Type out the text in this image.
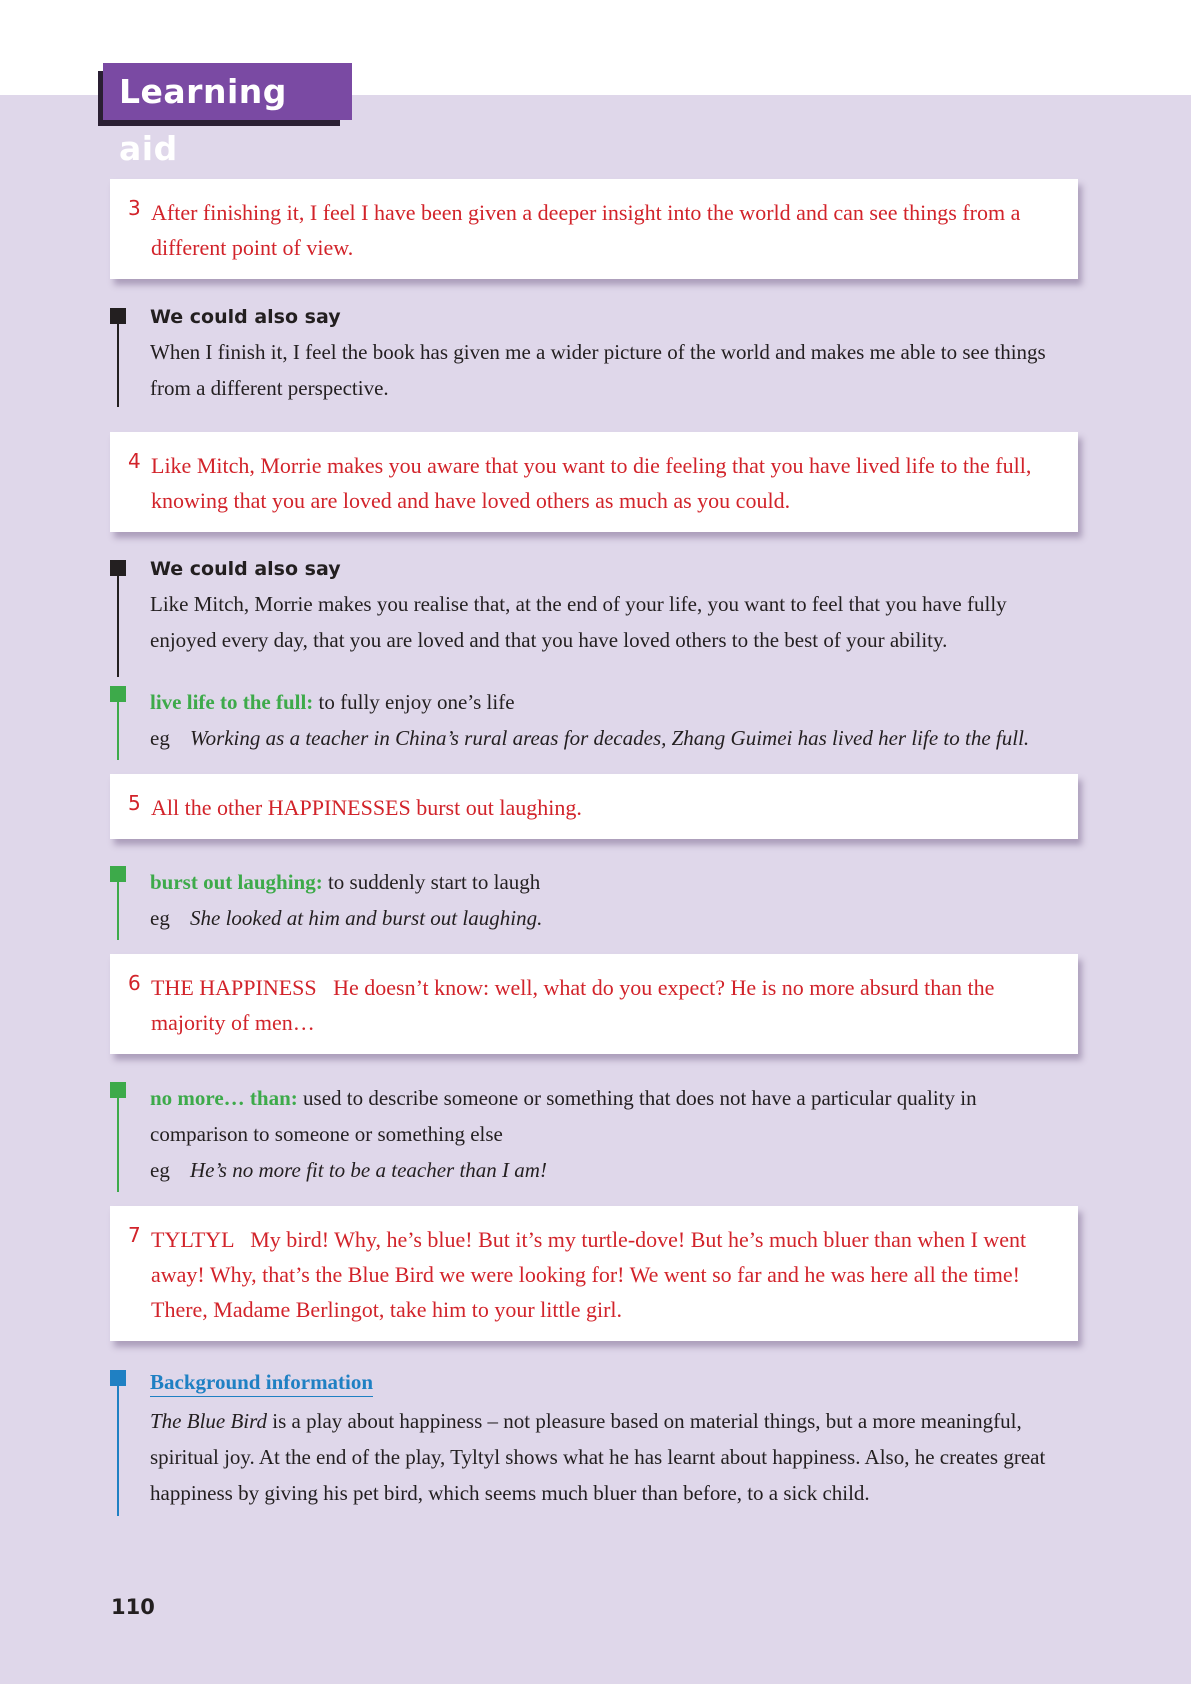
Learning aid
3 After finishing it, I feel I have been given a deeper insight into the world and can see things from a different point of view.
We could also say
When I finish it, I feel the book has given me a wider picture of the world and makes me able to see things from a different perspective.
4 Like Mitch, Morrie makes you aware that you want to die feeling that you have lived life to the full, knowing that you are loved and have loved others as much as you could.
We could also say
Like Mitch, Morrie makes you realise that, at the end of your life, you want to feel that you have fully enjoyed every day, that you are loved and that you have loved others to the best of your ability.
live life to the full: to fully enjoy one’s life
eg Working as a teacher in China’s rural areas for decades, Zhang Guimei has lived her life to the full.
5 All the other HAPPINESSES burst out laughing.
burst out laughing: to suddenly start to laugh
eg She looked at him and burst out laughing.
6 THE HAPPINESS   He doesn’t know: well, what do you expect? He is no more absurd than the majority of men…
no more… than: used to describe someone or something that does not have a particular quality in comparison to someone or something else
eg He’s no more fit to be a teacher than I am!
7 TYLTYL   My bird! Why, he’s blue! But it’s my turtle-dove! But he’s much bluer than when I went away! Why, that’s the Blue Bird we were looking for! We went so far and he was here all the time! There, Madame Berlingot, take him to your little girl.
Background information
The Blue Bird is a play about happiness – not pleasure based on material things, but a more meaningful, spiritual joy. At the end of the play, Tyltyl shows what he has learnt about happiness. Also, he creates great happiness by giving his pet bird, which seems much bluer than before, to a sick child.
110
